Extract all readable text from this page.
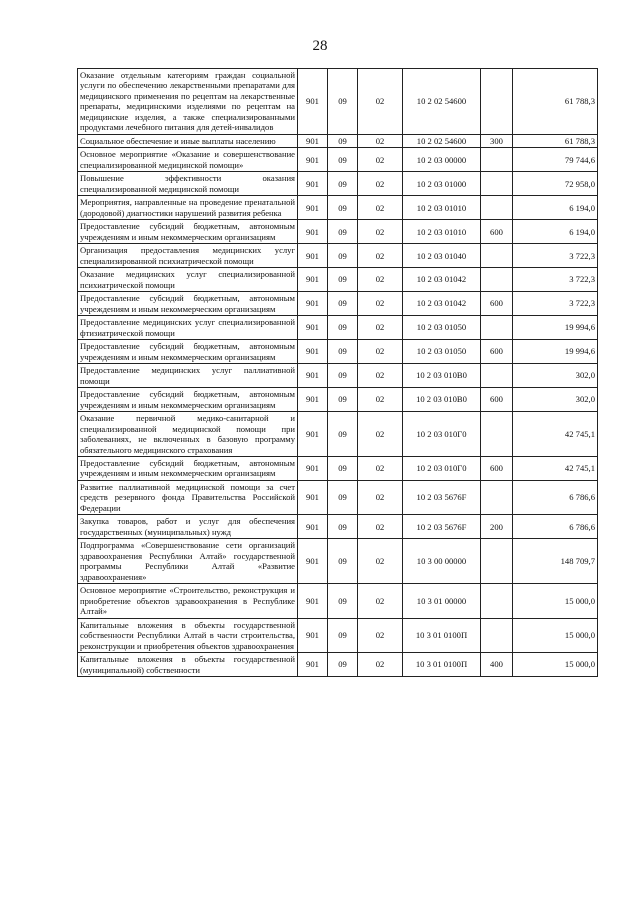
28
Оказание отдельным категориям граждан социальной услуги по обеспечению лекарственными препаратами для медицинского применения по рецептам на лекарственные препараты, медицинскими изделиями по рецептам на медицинские изделия, а также специализированными продуктами лечебного питания для детей-инвалидов	901	09	02	10 2 02 54600		61 788,3
Социальное обеспечение и иные выплаты населению	901	09	02	10 2 02 54600	300	61 788,3
Основное мероприятие «Оказание и совершенствование специализированной медицинской помощи»	901	09	02	10 2 03 00000		79 744,6
Повышение эффективности оказания специализированной медицинской помощи	901	09	02	10 2 03 01000		72 958,0
Мероприятия, направленные на проведение пренатальной (дородовой) диагностики нарушений развития ребенка	901	09	02	10 2 03 01010		6 194,0
Предоставление субсидий бюджетным, автономным учреждениям и иным некоммерческим организациям	901	09	02	10 2 03 01010	600	6 194,0
Организация предоставления медицинских услуг специализированной психиатрической помощи	901	09	02	10 2 03 01040		3 722,3
Оказание медицинских услуг специализированной психиатрической помощи	901	09	02	10 2 03 01042		3 722,3
Предоставление субсидий бюджетным, автономным учреждениям и иным некоммерческим организациям	901	09	02	10 2 03 01042	600	3 722,3
Предоставление медицинских услуг специализированной фтизиатрической помощи	901	09	02	10 2 03 01050		19 994,6
Предоставление субсидий бюджетным, автономным учреждениям и иным некоммерческим организациям	901	09	02	10 2 03 01050	600	19 994,6
Предоставление медицинских услуг паллиативной помощи	901	09	02	10 2 03 010В0		302,0
Предоставление субсидий бюджетным, автономным учреждениям и иным некоммерческим организациям	901	09	02	10 2 03 010В0	600	302,0
Оказание первичной медико-санитарной и специализированной медицинской помощи при заболеваниях, не включенных в базовую программу обязательного медицинского страхования	901	09	02	10 2 03 010Г0		42 745,1
Предоставление субсидий бюджетным, автономным учреждениям и иным некоммерческим организациям	901	09	02	10 2 03 010Г0	600	42 745,1
Развитие паллиативной медицинской помощи за счет средств резервного фонда Правительства Российской Федерации	901	09	02	10 2 03 5676F		6 786,6
Закупка товаров, работ и услуг для обеспечения государственных (муниципальных) нужд	901	09	02	10 2 03 5676F	200	6 786,6
Подпрограмма «Совершенствование сети организаций здравоохранения Республики Алтай» государственной программы Республики Алтай «Развитие здравоохранения»	901	09	02	10 3 00 00000		148 709,7
Основное мероприятие «Строительство, реконструкция и приобретение объектов здравоохранения в Республике Алтай»	901	09	02	10 3 01 00000		15 000,0
Капитальные вложения в объекты государственной собственности Республики Алтай в части строительства, реконструкции и приобретения объектов здравоохранения	901	09	02	10 3 01 0100П		15 000,0
Капитальные вложения в объекты государственной (муниципальной) собственности	901	09	02	10 3 01 0100П	400	15 000,0
